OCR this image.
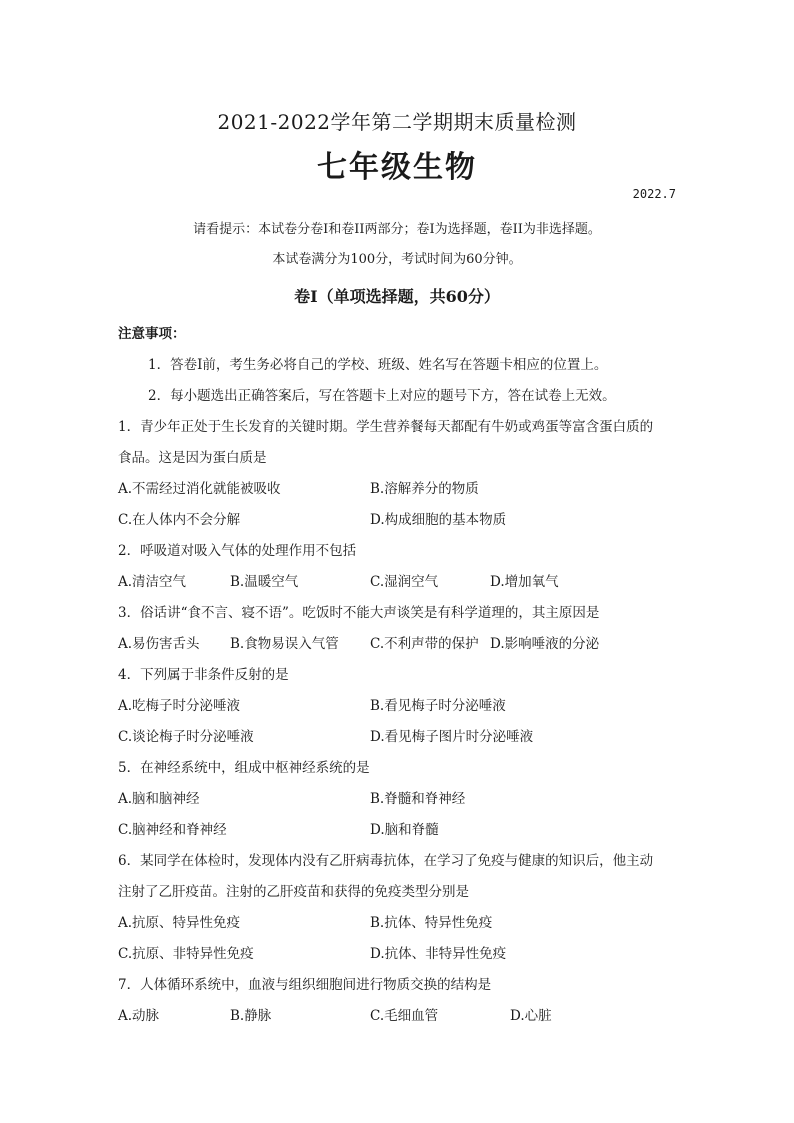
2021-2022学年第二学期期末质量检测
七年级生物
2022.7
请看提示：本试卷分卷I和卷II两部分；卷I为选择题，卷II为非选择题。
本试卷满分为100分，考试时间为60分钟。
卷I（单项选择题，共60分）
注意事项：
1．答卷I前，考生务必将自己的学校、班级、姓名写在答题卡相应的位置上。
2．每小题选出正确答案后，写在答题卡上对应的题号下方，答在试卷上无效。
1．青少年正处于生长发育的关键时期。学生营养餐每天都配有牛奶或鸡蛋等富含蛋白质的
食品。这是因为蛋白质是
A.不需经过消化就能被吸收	B.溶解养分的物质
C.在人体内不会分解	D.构成细胞的基本物质
2．呼吸道对吸入气体的处理作用不包括
A.清洁空气	B.温暖空气	C.湿润空气	D.增加氧气
3．俗话讲“食不言、寝不语”。吃饭时不能大声谈笑是有科学道理的，其主原因是
A.易伤害舌头 B.食物易误入气管 C.不利声带的保护 D.影响唾液的分泌
4．下列属于非条件反射的是
A.吃梅子时分泌唾液	B.看见梅子时分泌唾液
C.谈论梅子时分泌唾液	D.看见梅子图片时分泌唾液
5．在神经系统中，组成中枢神经系统的是
A.脑和脑神经	B.脊髓和脊神经
C.脑神经和脊神经	D.脑和脊髓
6．某同学在体检时，发现体内没有乙肝病毒抗体，在学习了免疫与健康的知识后，他主动
注射了乙肝疫苗。注射的乙肝疫苗和获得的免疫类型分别是
A.抗原、特异性免疫	B.抗体、特异性免疫
C.抗原、非特异性免疫	D.抗体、非特异性免疫
7．人体循环系统中，血液与组织细胞间进行物质交换的结构是
A.动脉	B.静脉	C.毛细血管	D.心脏
